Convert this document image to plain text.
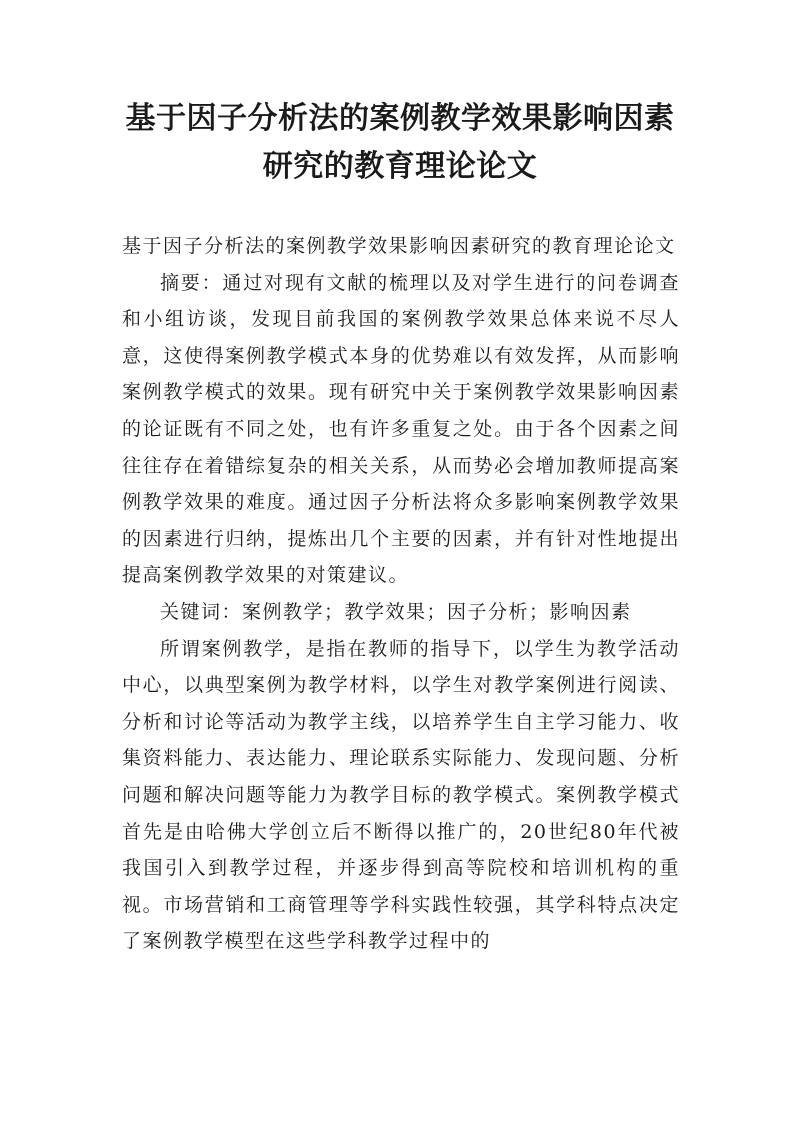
基于因子分析法的案例教学效果影响因素
研究的教育理论论文

基于因子分析法的案例教学效果影响因素研究的教育理论论文

摘要：通过对现有文献的梳理以及对学生进行的问卷调查和小组访谈，发现目前我国的案例教学效果总体来说不尽人意，这使得案例教学模式本身的优势难以有效发挥，从而影响案例教学模式的效果。现有研究中关于案例教学效果影响因素的论证既有不同之处，也有许多重复之处。由于各个因素之间往往存在着错综复杂的相关关系，从而势必会增加教师提高案例教学效果的难度。通过因子分析法将众多影响案例教学效果的因素进行归纳，提炼出几个主要的因素，并有针对性地提出提高案例教学效果的对策建议。

关键词：案例教学；教学效果；因子分析；影响因素

所谓案例教学，是指在教师的指导下，以学生为教学活动中心，以典型案例为教学材料，以学生对教学案例进行阅读、分析和讨论等活动为教学主线，以培养学生自主学习能力、收集资料能力、表达能力、理论联系实际能力、发现问题、分析问题和解决问题等能力为教学目标的教学模式。案例教学模式首先是由哈佛大学创立后不断得以推广的，20世纪80年代被我国引入到教学过程，并逐步得到高等院校和培训机构的重视。市场营销和工商管理等学科实践性较强，其学科特点决定了案例教学模型在这些学科教学过程中的
